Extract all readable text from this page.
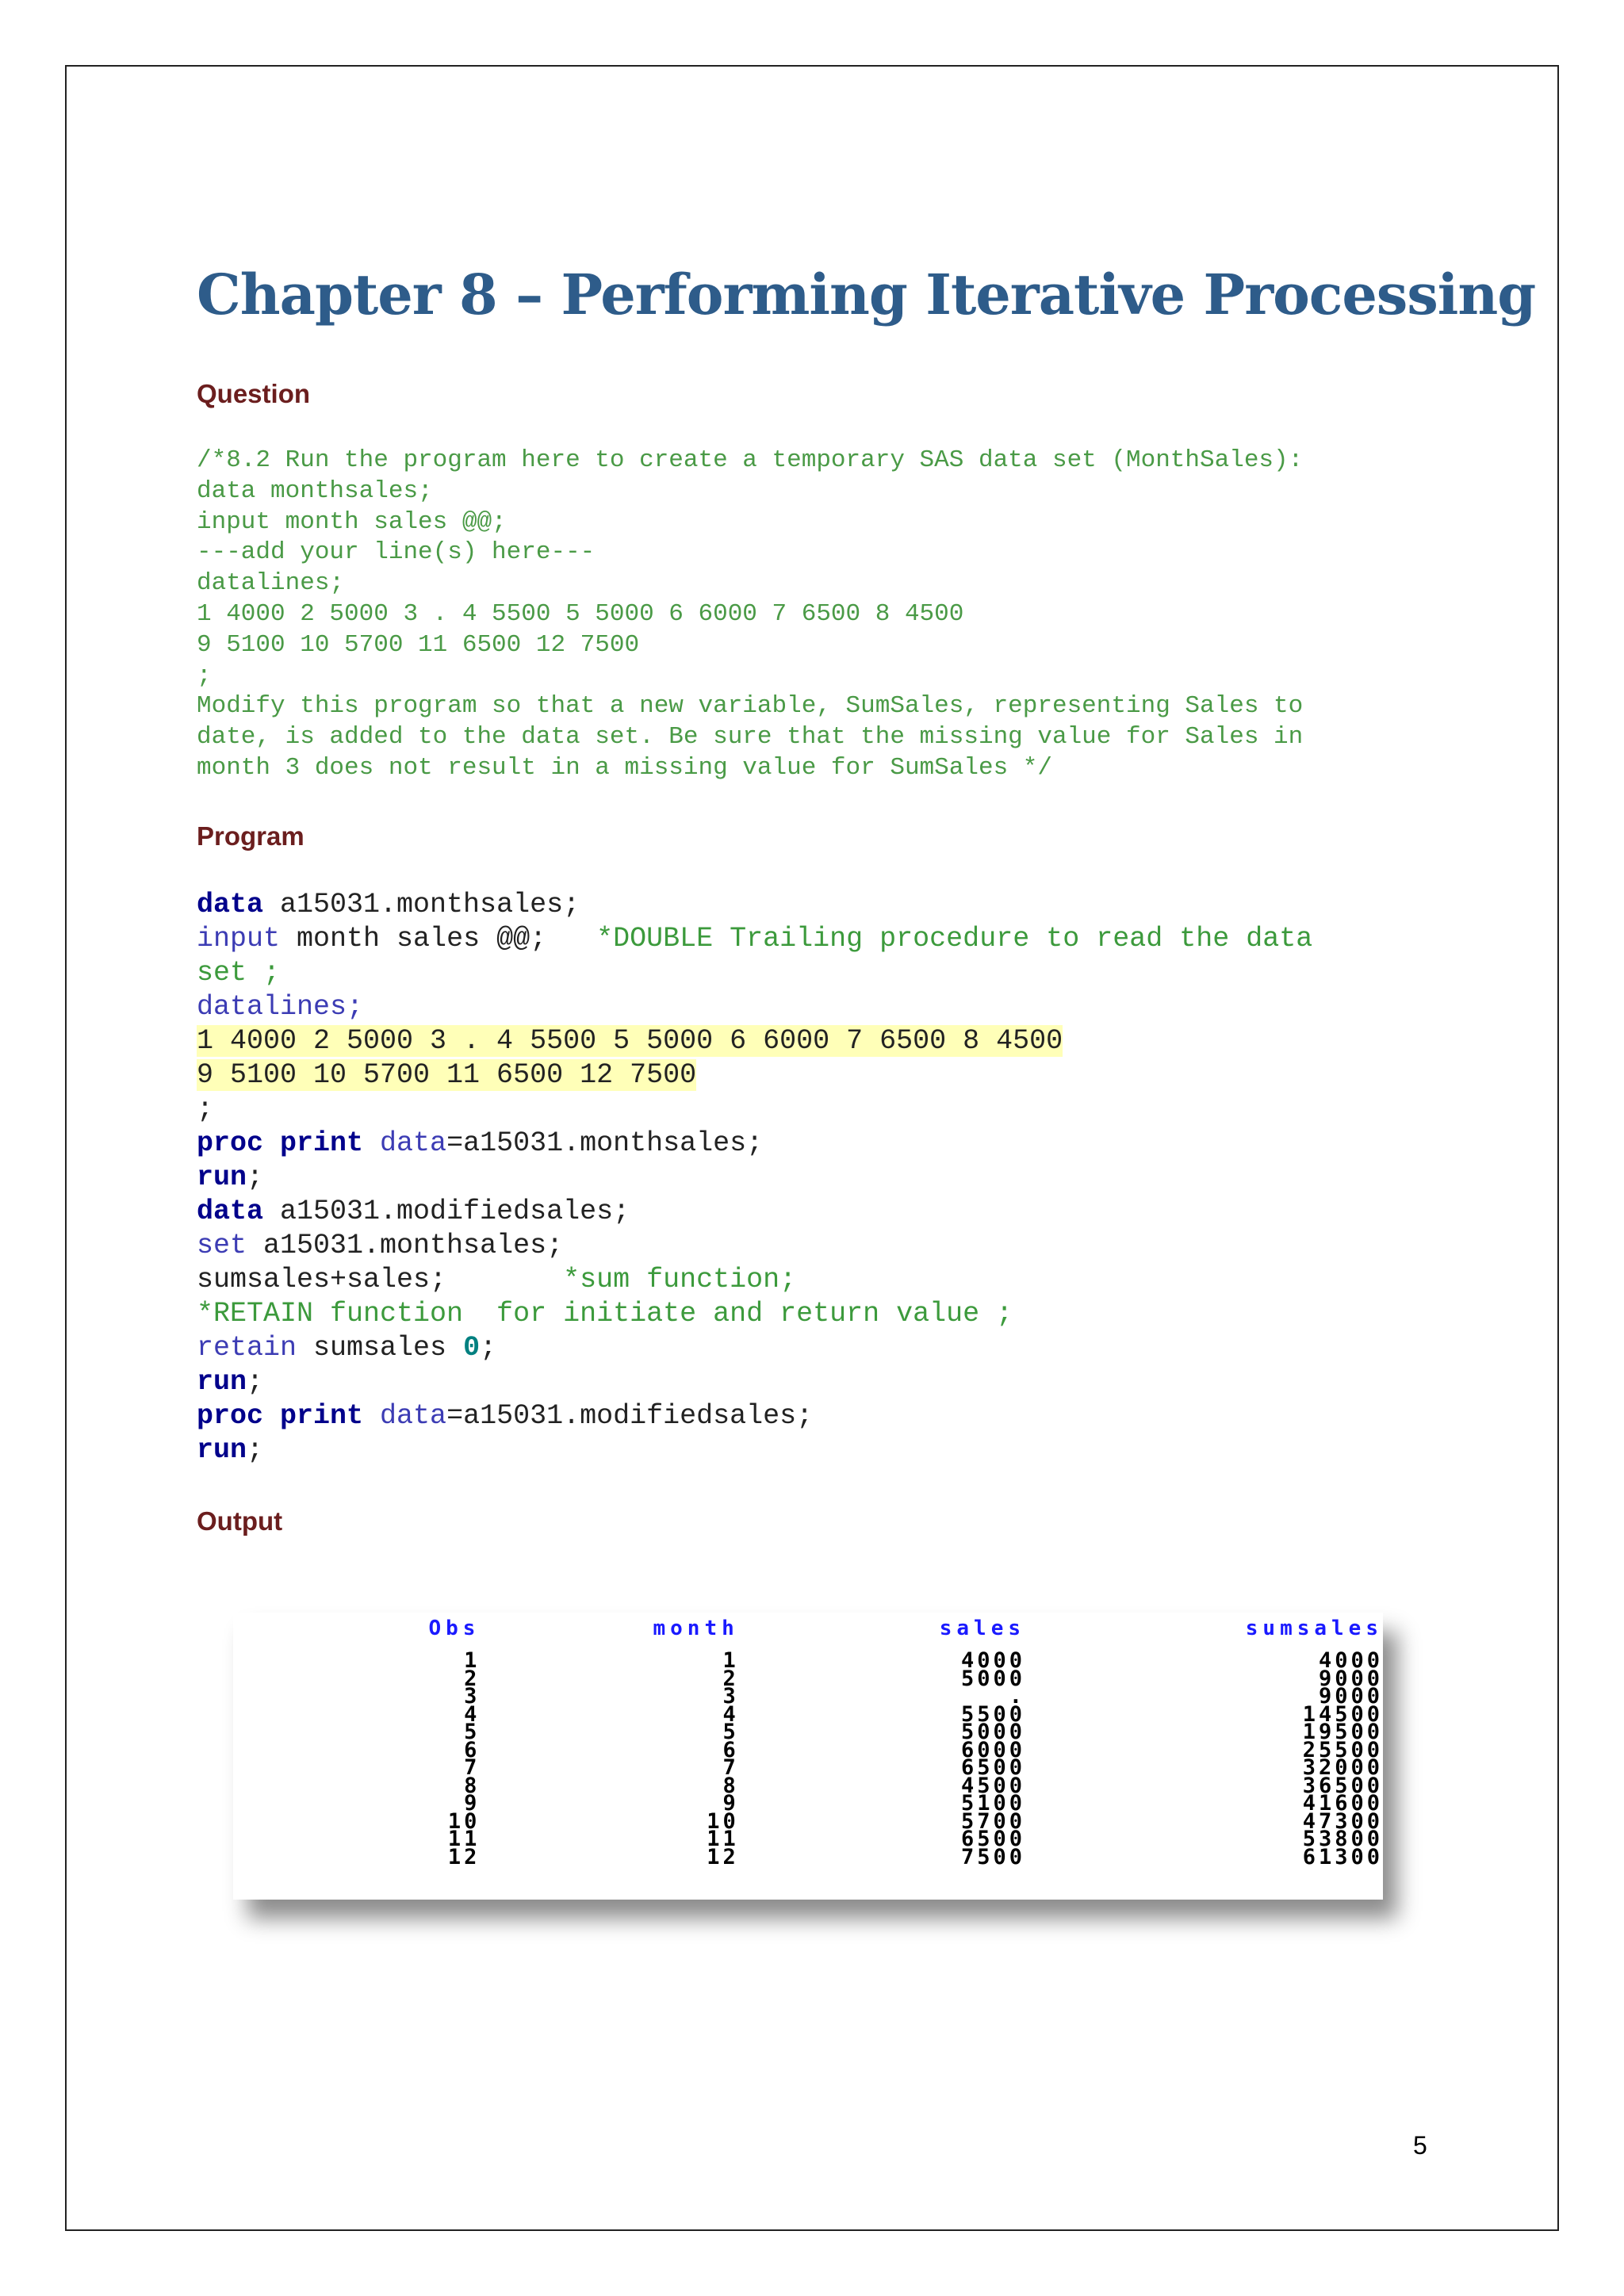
Chapter 8 – Performing Iterative Processing
Question
/*8.2 Run the program here to create a temporary SAS data set (MonthSales):
data monthsales;
input month sales @@;
---add your line(s) here---
datalines;
1 4000 2 5000 3 . 4 5500 5 5000 6 6000 7 6500 8 4500
9 5100 10 5700 11 6500 12 7500
;
Modify this program so that a new variable, SumSales, representing Sales to
date, is added to the data set. Be sure that the missing value for Sales in
month 3 does not result in a missing value for SumSales */
Program
data a15031.monthsales;
input month sales @@;   *DOUBLE Trailing procedure to read the data
set ;
datalines;
1 4000 2 5000 3 . 4 5500 5 5000 6 6000 7 6500 8 4500
9 5100 10 5700 11 6500 12 7500
;
proc print data=a15031.monthsales;
run;
data a15031.modifiedsales;
set a15031.monthsales;
sumsales+sales;       *sum function;
*RETAIN function  for initiate and return value ;
retain sumsales 0;
run;
proc print data=a15031.modifiedsales;
run;
Output
Obs	month	sales	sumsales

1	1	4000	4000
2	2	5000	9000
3	3	.	9000
4	4	5500	14500
5	5	5000	19500
6	6	6000	25500
7	7	6500	32000
8	8	4500	36500
9	9	5100	41600
10	10	5700	47300
11	11	6500	53800
12	12	7500	61300
5
